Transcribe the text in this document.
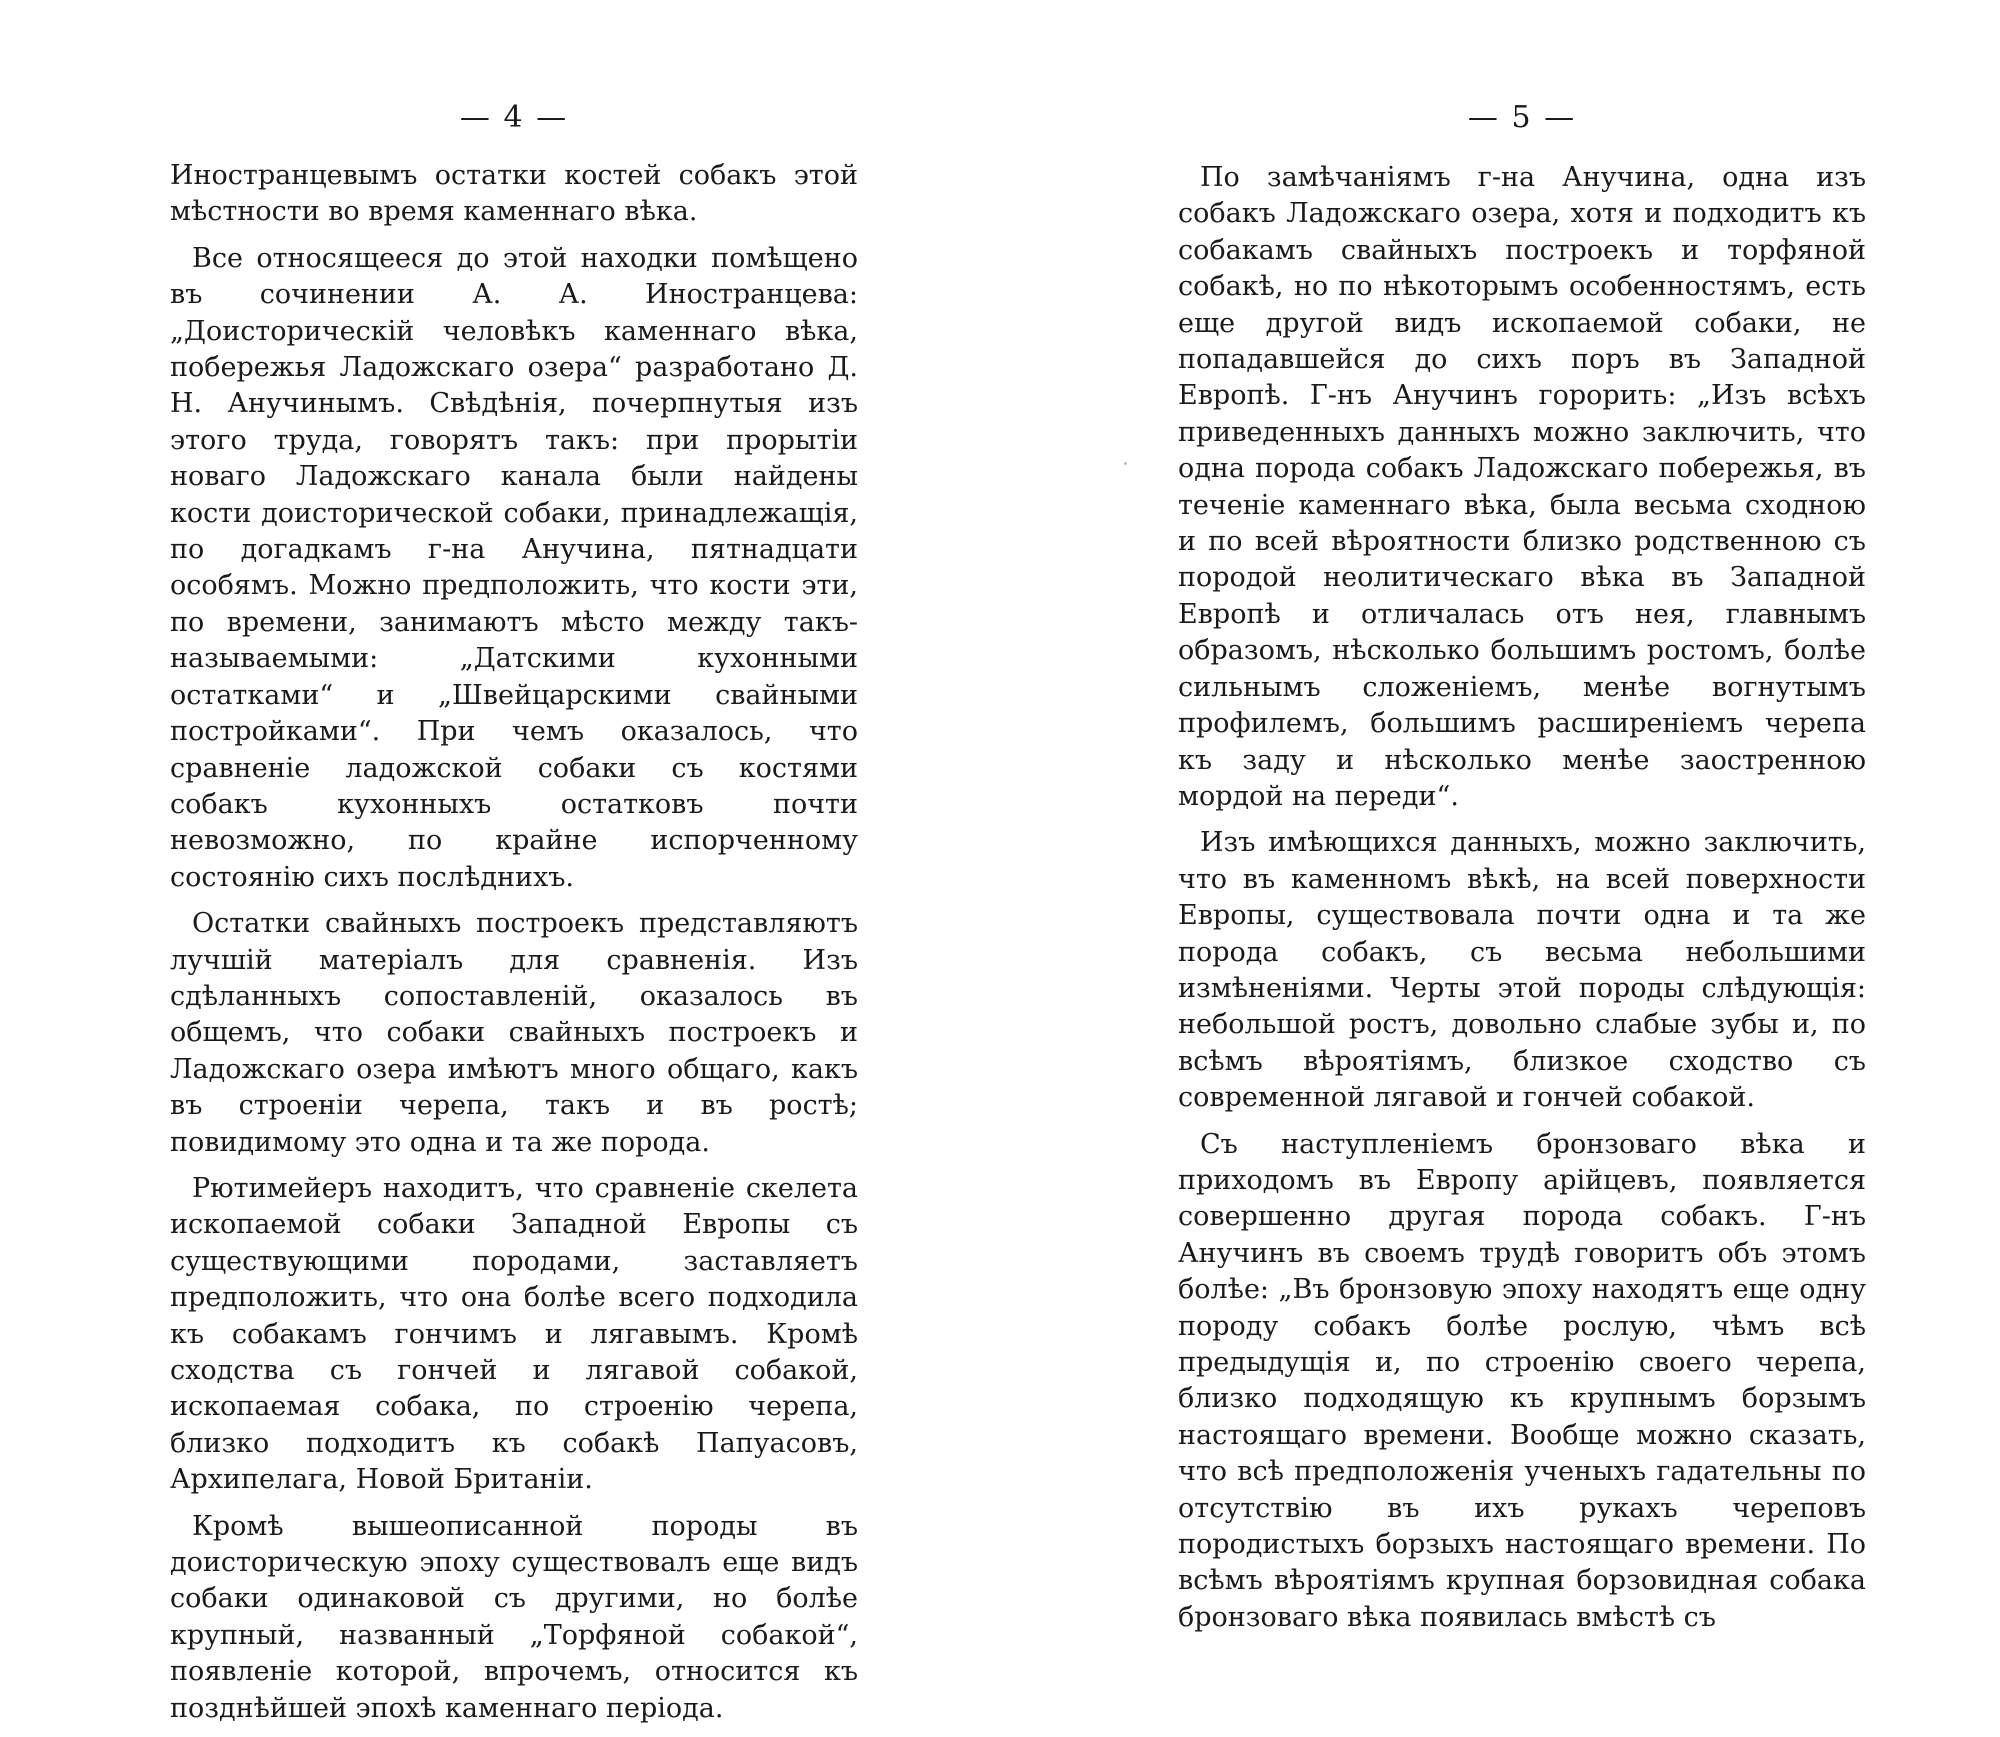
— 4 —

Иностранцевымъ остатки костей собакъ этой мѣстности во время каменнаго вѣка.

Все относящееся до этой находки помѣщено въ сочинении А. А. Иностранцева: „Доисторическій человѣкъ каменнаго вѣка, побережья Ладожскаго озера“ разработано Д. Н. Анучинымъ. Свѣдѣнія, почерпнутыя изъ этого труда, говорятъ такъ: при прорытіи новаго Ладожскаго канала были найдены кости доисторической собаки, принадлежащія, по догадкамъ г-на Анучина, пятнадцати особямъ. Можно предположить, что кости эти, по времени, занимаютъ мѣсто между такъ-называемыми: „Датскими кухонными остатками“ и „Швейцарскими свайными постройками“. При чемъ оказалось, что сравненіе ладожской собаки съ костями собакъ кухонныхъ остатковъ почти невозможно, по крайне испорченному состоянію сихъ послѣднихъ.

Остатки свайныхъ построекъ представляютъ лучшій матеріалъ для сравненія. Изъ сдѣланныхъ сопоставленій, оказалось въ общемъ, что собаки свайныхъ построекъ и Ладожскаго озера имѣютъ много общаго, какъ въ строеніи черепа, такъ и въ ростѣ; повидимому это одна и та же порода.

Рютимейеръ находитъ, что сравненіе скелета ископаемой собаки Западной Европы съ существующими породами, заставляетъ предположить, что она болѣе всего подходила къ собакамъ гончимъ и лягавымъ. Кромѣ сходства съ гончей и лягавой собакой, ископаемая собака, по строенію черепа, близко подходитъ къ собакѣ Папуасовъ, Архипелага, Новой Британіи.

Кромѣ вышеописанной породы въ доисторическую эпоху существовалъ еще видъ собаки одинаковой съ другими, но болѣе крупный, названный „Торфяной собакой“, появленіе которой, впрочемъ, относится къ позднѣйшей эпохѣ каменнаго періода.

— 5 —

По замѣчаніямъ г-на Анучина, одна изъ собакъ Ладожскаго озера, хотя и подходитъ къ собакамъ свайныхъ построекъ и торфяной собакѣ, но по нѣкоторымъ особенностямъ, есть еще другой видъ ископаемой собаки, не попадавшейся до сихъ поръ въ Западной Европѣ. Г-нъ Анучинъ горорить: „Изъ всѣхъ приведенныхъ данныхъ можно заключить, что одна порода собакъ Ладожскаго побережья, въ теченіе каменнаго вѣка, была весьма сходною и по всей вѣроятности близко родственною съ породой неолитическаго вѣка въ Западной Европѣ и отличалась отъ нея, главнымъ образомъ, нѣсколько большимъ ростомъ, болѣе сильнымъ сложеніемъ, менѣе вогнутымъ профилемъ, большимъ расширеніемъ черепа къ заду и нѣсколько менѣе заостренною мордой на переди“.

Изъ имѣющихся данныхъ, можно заключить, что въ каменномъ вѣкѣ, на всей поверхности Европы, существовала почти одна и та же порода собакъ, съ весьма небольшими измѣненіями. Черты этой породы слѣдующія: небольшой ростъ, довольно слабые зубы и, по всѣмъ вѣроятіямъ, близкое сходство съ современной лягавой и гончей собакой.

Съ наступленіемъ бронзоваго вѣка и приходомъ въ Европу арійцевъ, появляется совершенно другая порода собакъ. Г-нъ Анучинъ въ своемъ трудѣ говоритъ объ этомъ болѣе: „Въ бронзовую эпоху находятъ еще одну породу собакъ болѣе рослую, чѣмъ всѣ предыдущія и, по строенію своего черепа, близко подходящую къ крупнымъ борзымъ настоящаго времени. Вообще можно сказать, что всѣ предположенія ученыхъ гадательны по отсутствію въ ихъ рукахъ череповъ породистыхъ борзыхъ настоящаго времени. По всѣмъ вѣроятіямъ крупная борзовидная собака бронзоваго вѣка появилась вмѣстѣ съ
